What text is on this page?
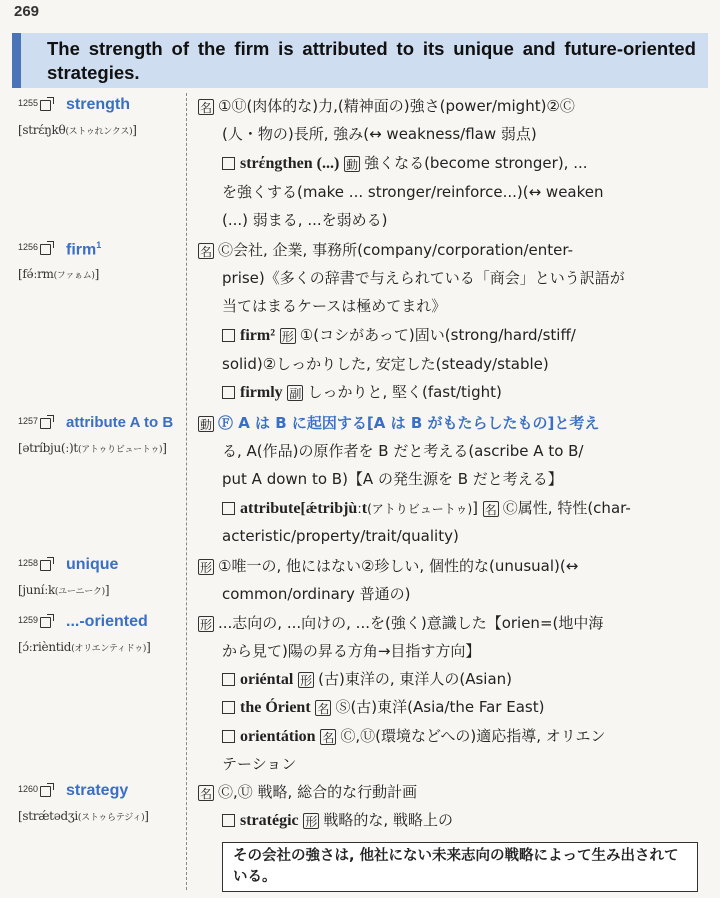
269
The strength of the firm is attributed to its unique and future-oriented strategies.
1255 strength
[strέŋkθ(ストゥれンクス)]
名 ①Ⓤ(肉体的な)力,(精神面の)強さ(power/might)②Ⓒ
(人・物の)長所, 強み(↔ weakness/flaw 弱点)
strέngthen (...) 動 強くなる(become stronger), ...
を強くする(make ... stronger/reinforce...)(↔ weaken
(...) 弱まる, ...を弱める)
1256 firm$^1$
[fə́ːrm(ファぁム)]
名 Ⓒ会社, 企業, 事務所(company/corporation/enter-
prise)《多くの辞書で与えられている「商会」という訳語が
当てはまるケースは極めてまれ》
firm² 形 ①(コシがあって)固い(strong/hard/stiff/
solid)②しっかりした, 安定した(steady/stable)
firmly 副 しっかりと, 堅く(fast/tight)
1257 attribute A to B
[ətríbju(ː)t(アトゥりビュートゥ)]
動 Ⓕ A は B に起因する[A は B がもたらしたもの]と考え
る, A(作品)の原作者を B だと考える(ascribe A to B/
put A down to B)【A の発生源を B だと考える】
attribute[ǽtribjùːt(アトりビュートゥ)] 名 Ⓒ属性, 特性(char-
acteristic/property/trait/quality)
1258 unique
[juníːk(ユーニーク)]
形 ①唯一の, 他にはない②珍しい, 個性的な(unusual)(↔
common/ordinary 普通の)
1259 ...-oriented
[ɔ́ːrièntid(オリエンティドゥ)]
形 ...志向の, ...向けの, ...を(強く)意識した【orien=(地中海
から見て)陽の昇る方角→目指す方向】
oriéntal 形 (古)東洋の, 東洋人の(Asian)
the Órient 名 Ⓢ(古)東洋(Asia/the Far East)
orientátion 名 Ⓒ,Ⓤ(環境などへの)適応指導, オリエン
テーション
1260 strategy
[strǽtədʒi(ストゥらテジィ)]
名 Ⓒ,Ⓤ 戦略, 総合的な行動計画
stratégic 形 戦略的な, 戦略上の
その会社の強さは, 他社にない未来志向の戦略によって生み出されている。
